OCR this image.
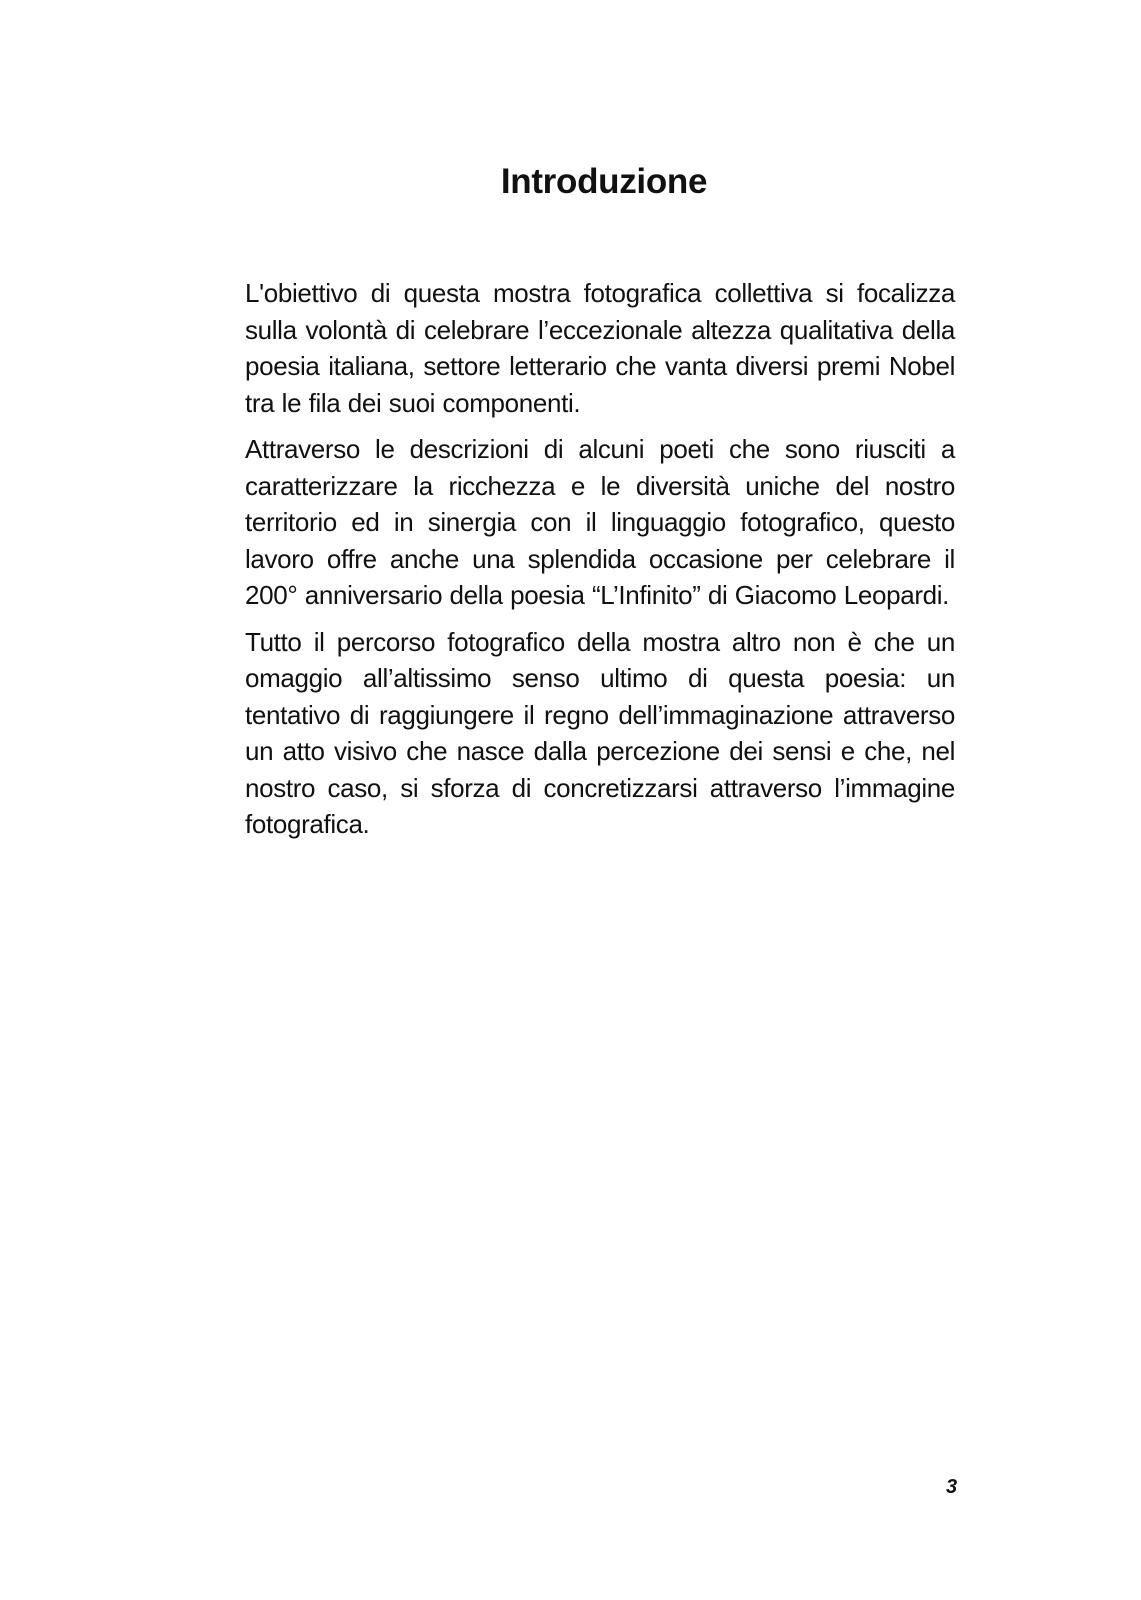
Introduzione

L'obiettivo di questa mostra fotografica collettiva si focalizza sulla volontà di celebrare l’eccezionale altezza qualitativa della poesia italiana, settore letterario che vanta diversi premi Nobel tra le fila dei suoi componenti.

Attraverso le descrizioni di alcuni poeti che sono riusciti a caratterizzare la ricchezza e le diversità uniche del nostro territorio ed in sinergia con il linguaggio fotografico, questo lavoro offre anche una splendida occasione per celebrare il 200° anniversario della poesia “L’Infinito” di Giacomo Leopardi.

Tutto il percorso fotografico della mostra altro non è che un omaggio all’altissimo senso ultimo di questa poesia: un tentativo di raggiungere il regno dell’immaginazione attraverso un atto visivo che nasce dalla percezione dei sensi e che, nel nostro caso, si sforza di concretizzarsi attraverso l’immagine fotografica.

3
